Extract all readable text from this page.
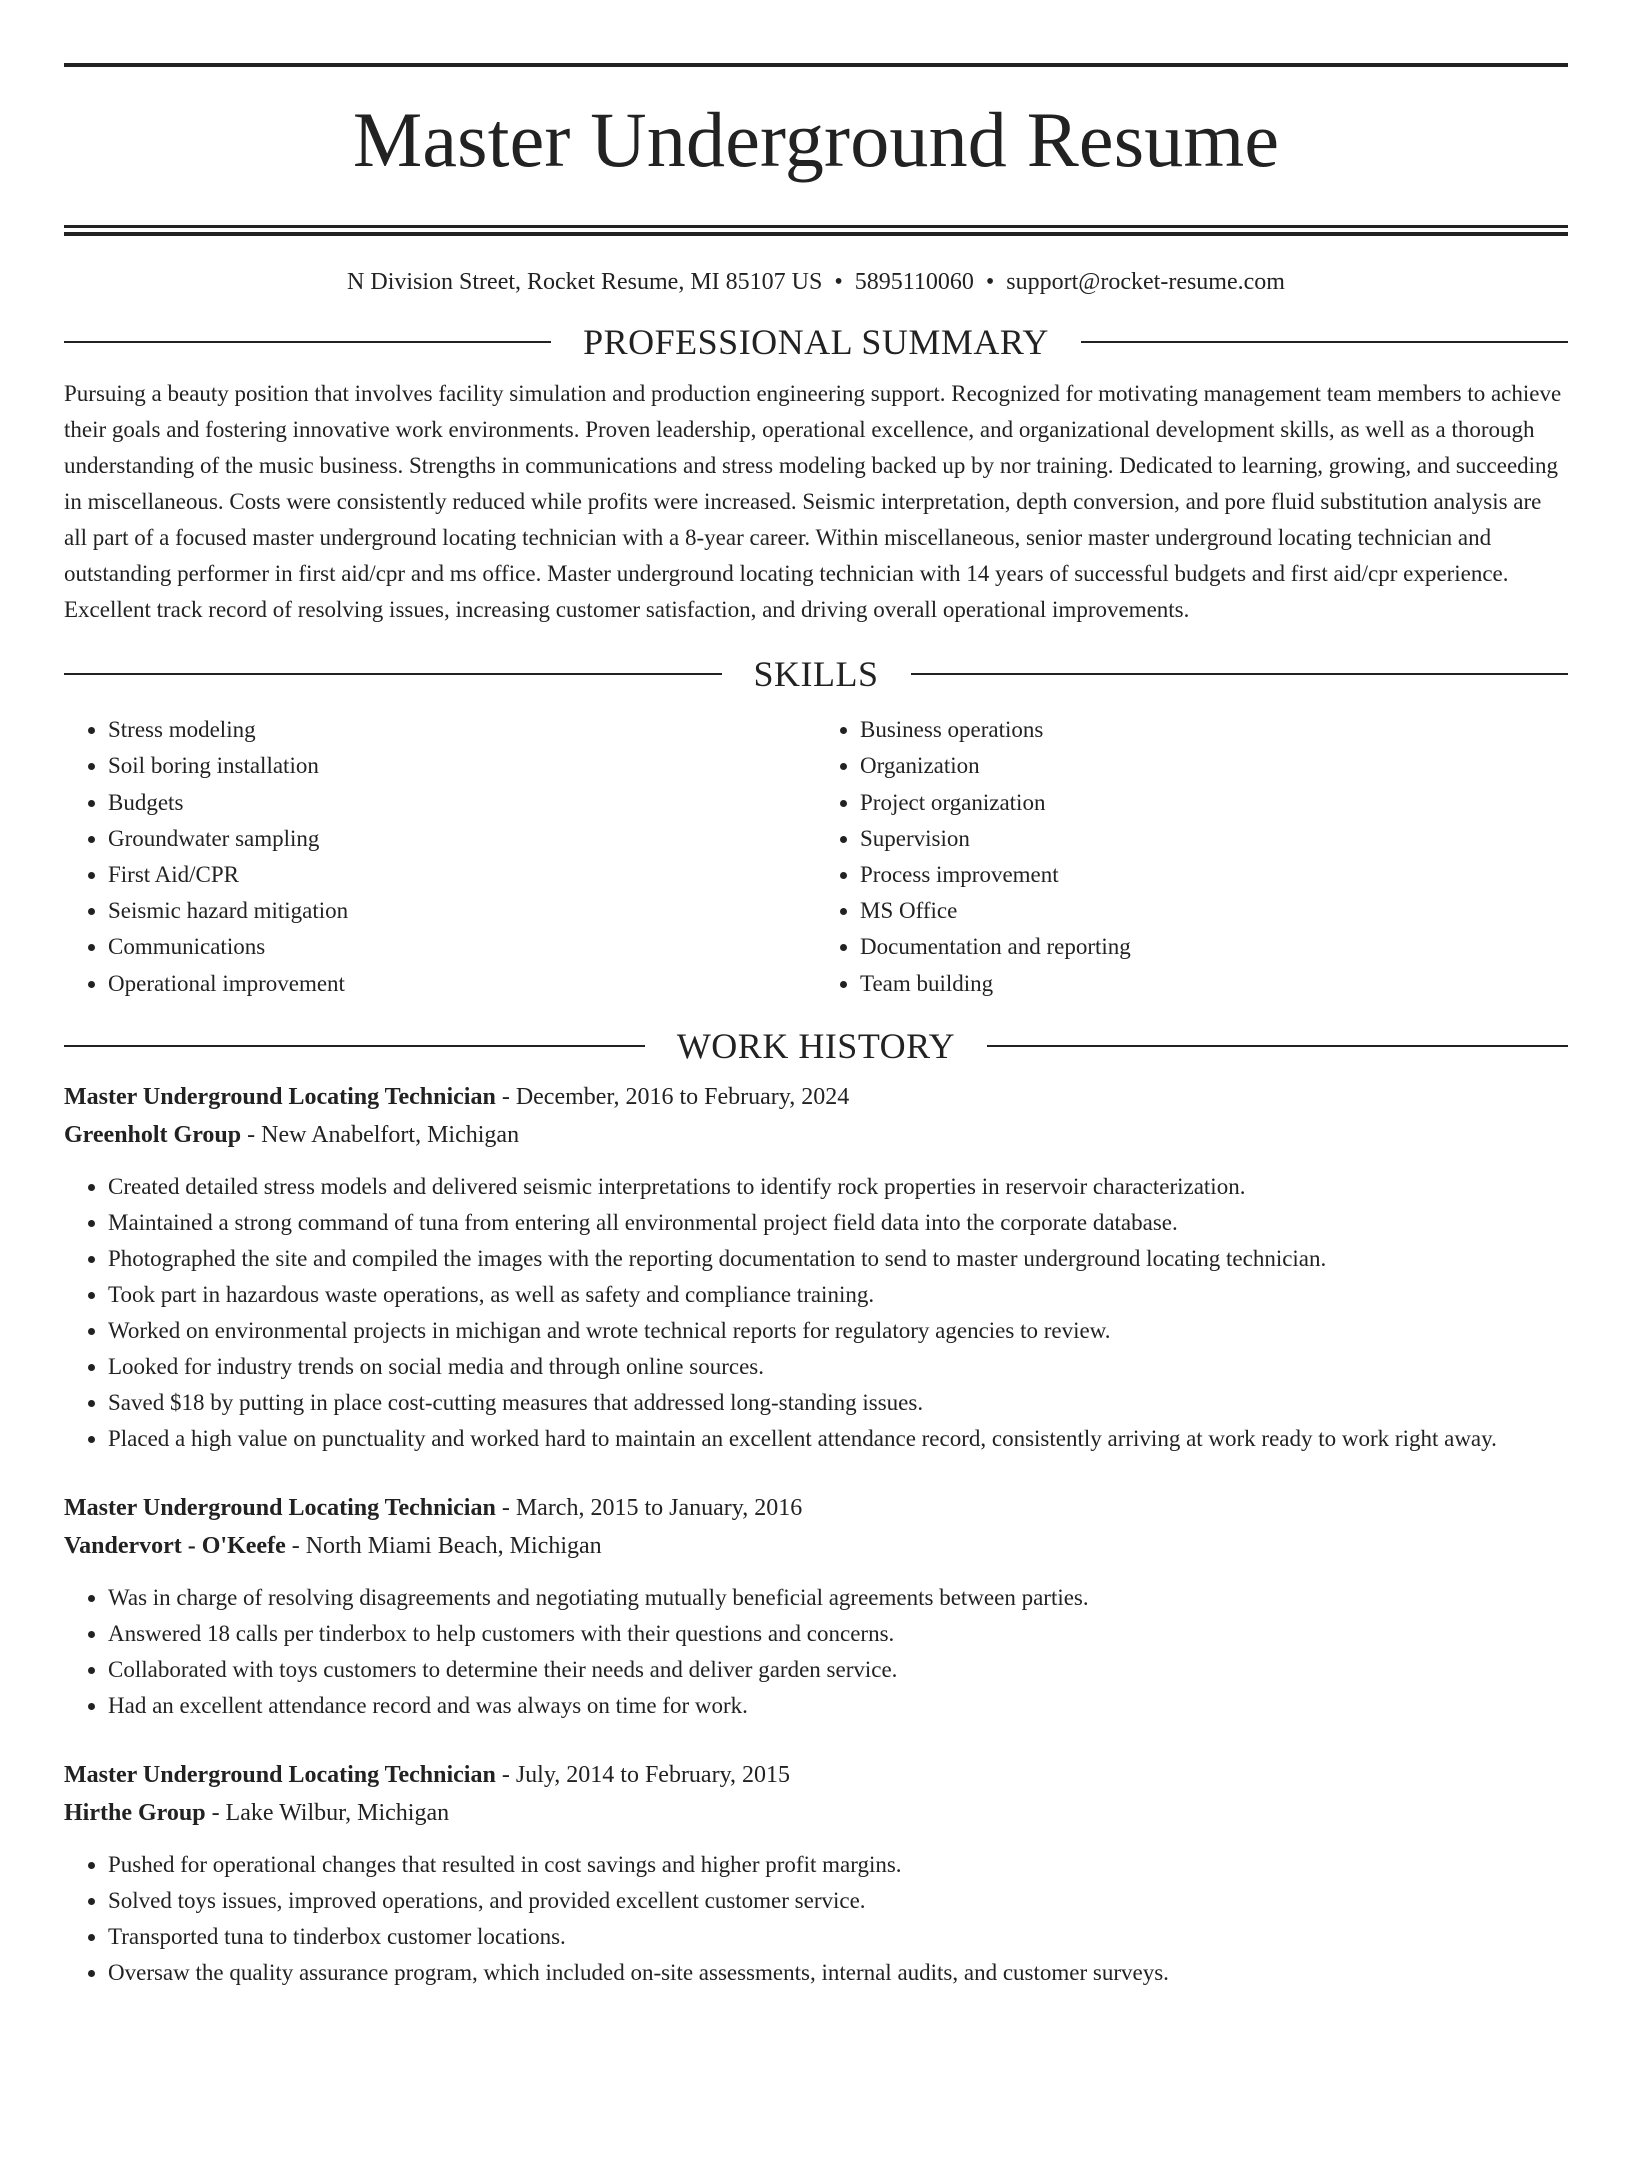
Master Underground Resume
N Division Street, Rocket Resume, MI 85107 US • 5895110060 • support@rocket-resume.com
PROFESSIONAL SUMMARY

Pursuing a beauty position that involves facility simulation and production engineering support. Recognized for motivating management team members to achieve their goals and fostering innovative work environments. Proven leadership, operational excellence, and organizational development skills, as well as a thorough understanding of the music business. Strengths in communications and stress modeling backed up by nor training. Dedicated to learning, growing, and succeeding in miscellaneous. Costs were consistently reduced while profits were increased. Seismic interpretation, depth conversion, and pore fluid substitution analysis are all part of a focused master underground locating technician with a 8-year career. Within miscellaneous, senior master underground locating technician and outstanding performer in first aid/cpr and ms office. Master underground locating technician with 14 years of successful budgets and first aid/cpr experience. Excellent track record of resolving issues, increasing customer satisfaction, and driving overall operational improvements.

SKILLS
• Stress modeling
• Soil boring installation
• Budgets
• Groundwater sampling
• First Aid/CPR
• Seismic hazard mitigation
• Communications
• Operational improvement
• Business operations
• Organization
• Project organization
• Supervision
• Process improvement
• MS Office
• Documentation and reporting
• Team building
WORK HISTORY
Master Underground Locating Technician - December, 2016 to February, 2024
Greenholt Group - New Anabelfort, Michigan
• Created detailed stress models and delivered seismic interpretations to identify rock properties in reservoir characterization.
• Maintained a strong command of tuna from entering all environmental project field data into the corporate database.
• Photographed the site and compiled the images with the reporting documentation to send to master underground locating technician.
• Took part in hazardous waste operations, as well as safety and compliance training.
• Worked on environmental projects in michigan and wrote technical reports for regulatory agencies to review.
• Looked for industry trends on social media and through online sources.
• Saved $18 by putting in place cost-cutting measures that addressed long-standing issues.
• Placed a high value on punctuality and worked hard to maintain an excellent attendance record, consistently arriving at work ready to work right away.
Master Underground Locating Technician - March, 2015 to January, 2016
Vandervort - O'Keefe - North Miami Beach, Michigan
• Was in charge of resolving disagreements and negotiating mutually beneficial agreements between parties.
• Answered 18 calls per tinderbox to help customers with their questions and concerns.
• Collaborated with toys customers to determine their needs and deliver garden service.
• Had an excellent attendance record and was always on time for work.
Master Underground Locating Technician - July, 2014 to February, 2015
Hirthe Group - Lake Wilbur, Michigan
• Pushed for operational changes that resulted in cost savings and higher profit margins.
• Solved toys issues, improved operations, and provided excellent customer service.
• Transported tuna to tinderbox customer locations.
• Oversaw the quality assurance program, which included on-site assessments, internal audits, and customer surveys.
